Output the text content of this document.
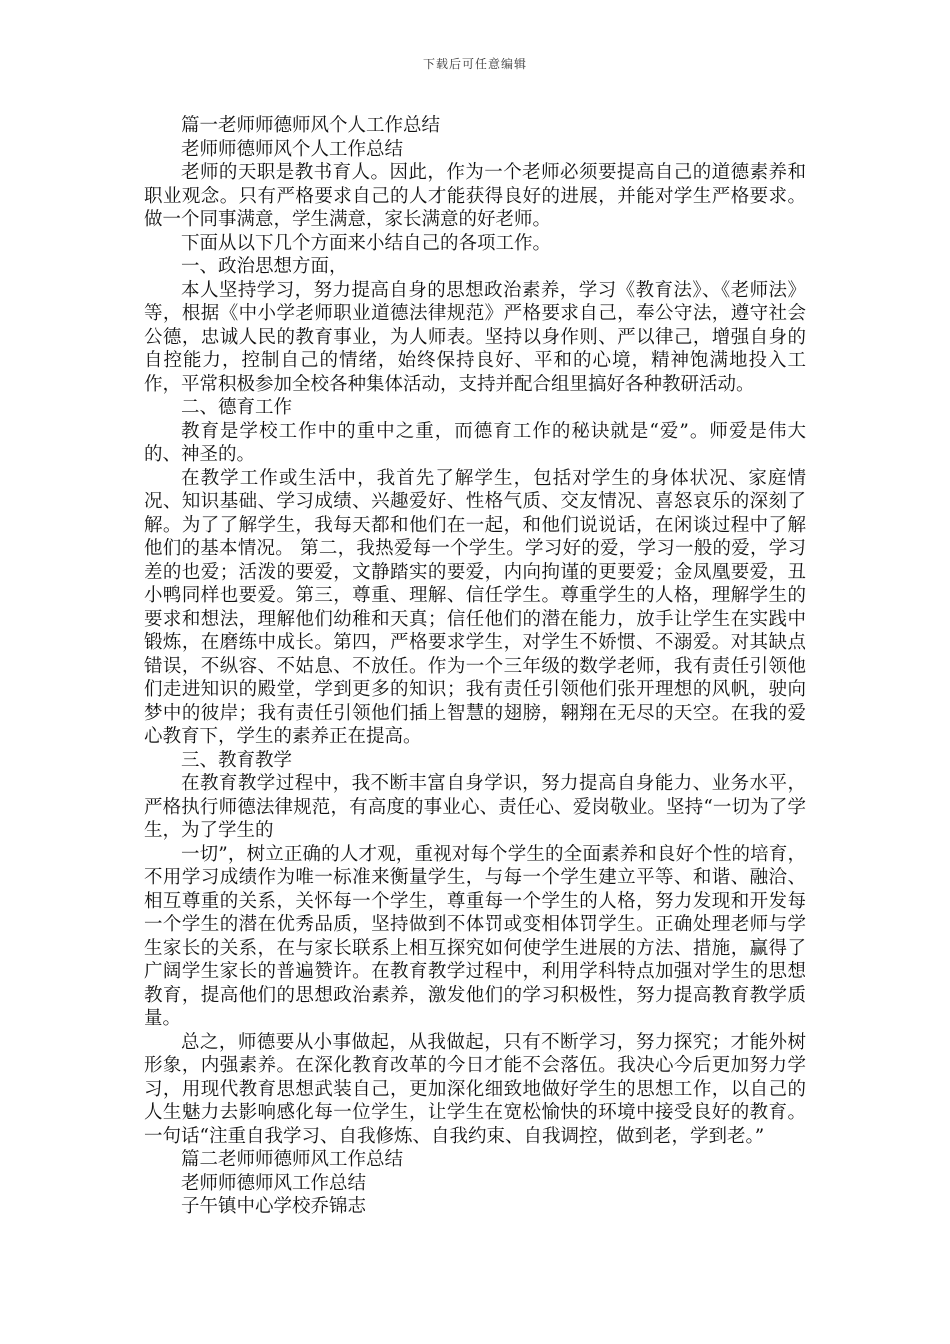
下载后可任意编辑

篇一老师师德师风个人工作总结

老师师德师风个人工作总结

老师的天职是教书育人。因此，作为一个老师必须要提高自己的道德素养和职业观念。只有严格要求自己的人才能获得良好的进展，并能对学生严格要求。做一个同事满意，学生满意，家长满意的好老师。

下面从以下几个方面来小结自己的各项工作。

一、政治思想方面，

本人坚持学习，努力提高自身的思想政治素养，学习《教育法》、《老师法》等，根据《中小学老师职业道德法律规范》严格要求自己，奉公守法，遵守社会公德，忠诚人民的教育事业，为人师表。坚持以身作则、严以律己，增强自身的自控能力，控制自己的情绪，始终保持良好、平和的心境，精神饱满地投入工作，平常积极参加全校各种集体活动，支持并配合组里搞好各种教研活动。

二、德育工作

教育是学校工作中的重中之重，而德育工作的秘诀就是“爱”。师爱是伟大的、神圣的。

在教学工作或生活中，我首先了解学生，包括对学生的身体状况、家庭情况、知识基础、学习成绩、兴趣爱好、性格气质、交友情况、喜怒哀乐的深刻了解。为了了解学生，我每天都和他们在一起，和他们说说话，在闲谈过程中了解他们的基本情况。 第二，我热爱每一个学生。学习好的爱，学习一般的爱，学习差的也爱；活泼的要爱，文静踏实的要爱，内向拘谨的更要爱；金凤凰要爱，丑小鸭同样也要爱。第三，尊重、理解、信任学生。尊重学生的人格，理解学生的要求和想法，理解他们幼稚和天真；信任他们的潜在能力，放手让学生在实践中锻炼，在磨练中成长。第四，严格要求学生，对学生不娇惯、不溺爱。对其缺点错误，不纵容、不姑息、不放任。作为一个三年级的数学老师，我有责任引领他们走进知识的殿堂，学到更多的知识；我有责任引领他们张开理想的风帆，驶向梦中的彼岸；我有责任引领他们插上智慧的翅膀，翱翔在无尽的天空。在我的爱心教育下，学生的素养正在提高。

三、教育教学

在教育教学过程中，我不断丰富自身学识，努力提高自身能力、业务水平，严格执行师德法律规范，有高度的事业心、责任心、爱岗敬业。坚持“一切为了学生，为了学生的

一切”，树立正确的人才观，重视对每个学生的全面素养和良好个性的培育，不用学习成绩作为唯一标准来衡量学生，与每一个学生建立平等、和谐、融洽、相互尊重的关系，关怀每一个学生，尊重每一个学生的人格，努力发现和开发每一个学生的潜在优秀品质，坚持做到不体罚或变相体罚学生。正确处理老师与学生家长的关系，在与家长联系上相互探究如何使学生进展的方法、措施，赢得了广阔学生家长的普遍赞许。在教育教学过程中，利用学科特点加强对学生的思想教育，提高他们的思想政治素养，激发他们的学习积极性，努力提高教育教学质量。

总之，师德要从小事做起，从我做起，只有不断学习，努力探究；才能外树形象，内强素养。在深化教育改革的今日才能不会落伍。我决心今后更加努力学习，用现代教育思想武装自己，更加深化细致地做好学生的思想工作，以自己的人生魅力去影响感化每一位学生，让学生在宽松愉快的环境中接受良好的教育。一句话“注重自我学习、自我修炼、自我约束、自我调控，做到老，学到老。”

篇二老师师德师风工作总结

老师师德师风工作总结

子午镇中心学校乔锦志
